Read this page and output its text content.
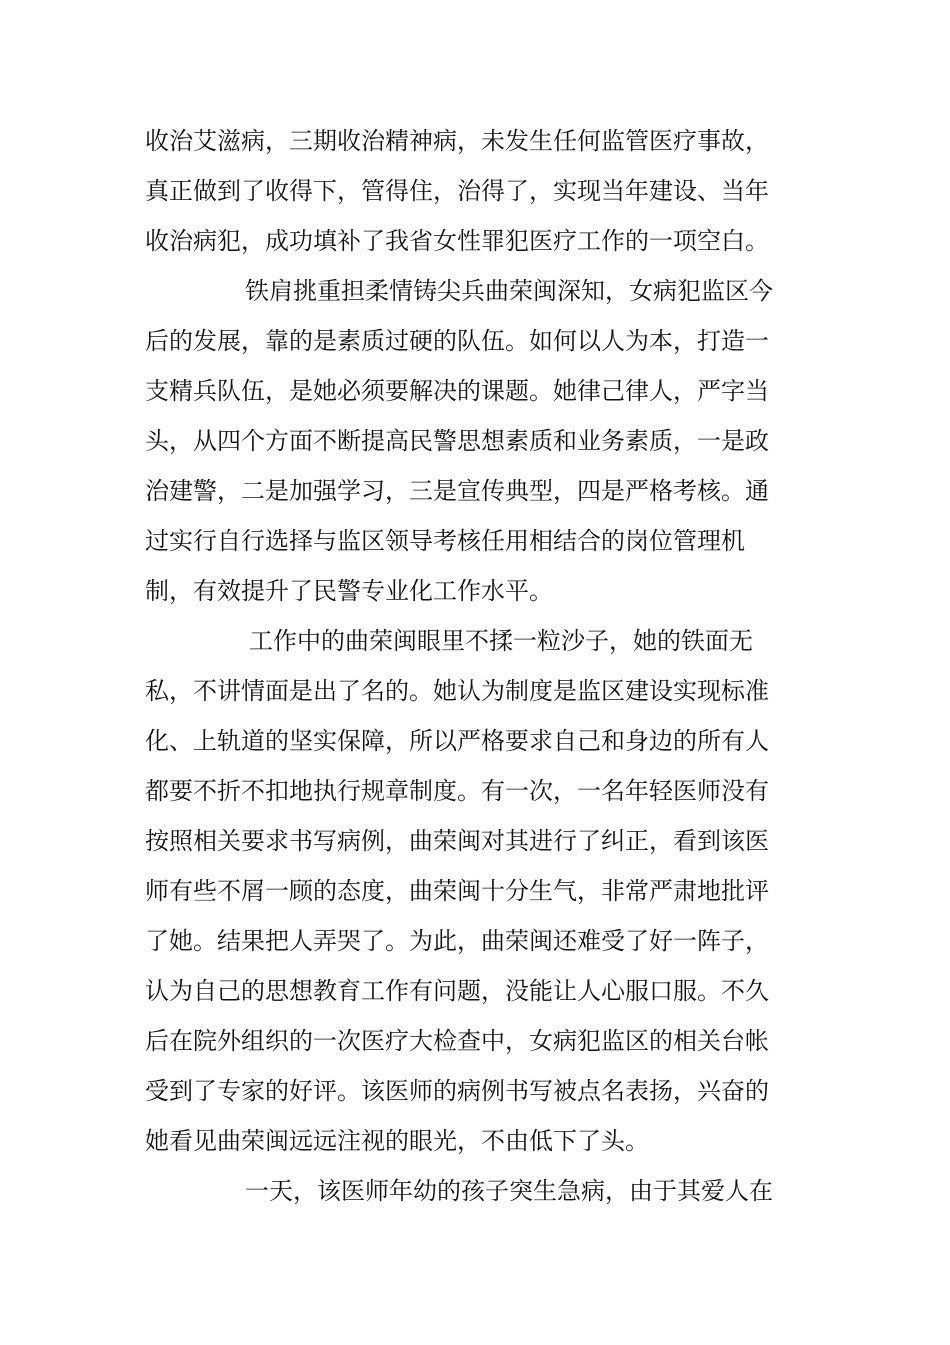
收治艾滋病，三期收治精神病，未发生任何监管医疗事故，
真正做到了收得下，管得住，治得了，实现当年建设、当年
收治病犯，成功填补了我省女性罪犯医疗工作的一项空白。
铁肩挑重担柔情铸尖兵曲荣闽深知，女病犯监区今
后的发展，靠的是素质过硬的队伍。如何以人为本，打造一
支精兵队伍，是她必须要解决的课题。她律己律人，严字当
头，从四个方面不断提高民警思想素质和业务素质，一是政
治建警，二是加强学习，三是宣传典型，四是严格考核。通
过实行自行选择与监区领导考核任用相结合的岗位管理机
制，有效提升了民警专业化工作水平。
工作中的曲荣闽眼里不揉一粒沙子，她的铁面无
私，不讲情面是出了名的。她认为制度是监区建设实现标准
化、上轨道的坚实保障，所以严格要求自己和身边的所有人
都要不折不扣地执行规章制度。有一次，一名年轻医师没有
按照相关要求书写病例，曲荣闽对其进行了纠正，看到该医
师有些不屑一顾的态度，曲荣闽十分生气，非常严肃地批评
了她。结果把人弄哭了。为此，曲荣闽还难受了好一阵子，
认为自己的思想教育工作有问题，没能让人心服口服。不久
后在院外组织的一次医疗大检查中，女病犯监区的相关台帐
受到了专家的好评。该医师的病例书写被点名表扬，兴奋的
她看见曲荣闽远远注视的眼光，不由低下了头。
一天，该医师年幼的孩子突生急病，由于其爱人在
